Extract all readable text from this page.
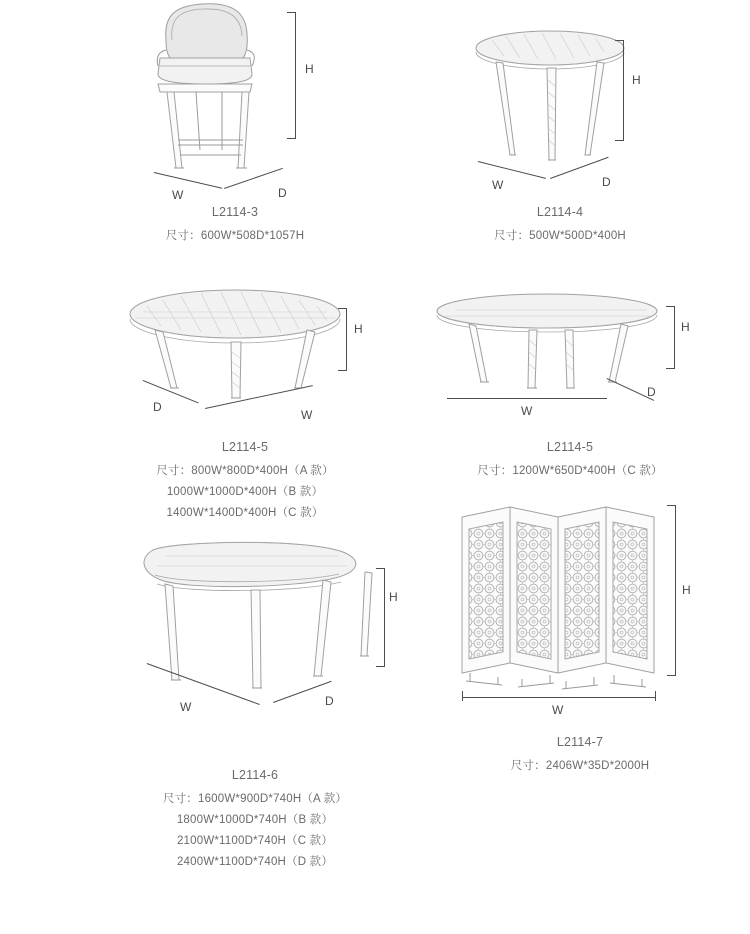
H
W	D
L2114-3
尺寸：600W*508D*1057H
H
W	D
L2114-4
尺寸：500W*500D*400H
H
D
W
L2114-5
尺寸：800W*800D*400H（A 款）
1000W*1000D*400H（B 款）
1400W*1400D*400H（C 款）
H
W
D
L2114-5
尺寸：1200W*650D*400H（C 款）
H
W	D
L2114-6
尺寸：1600W*900D*740H（A 款）
1800W*1000D*740H（B 款）
2100W*1100D*740H（C 款）
2400W*1100D*740H（D 款）
H
W
L2114-7
尺寸：2406W*35D*2000H
